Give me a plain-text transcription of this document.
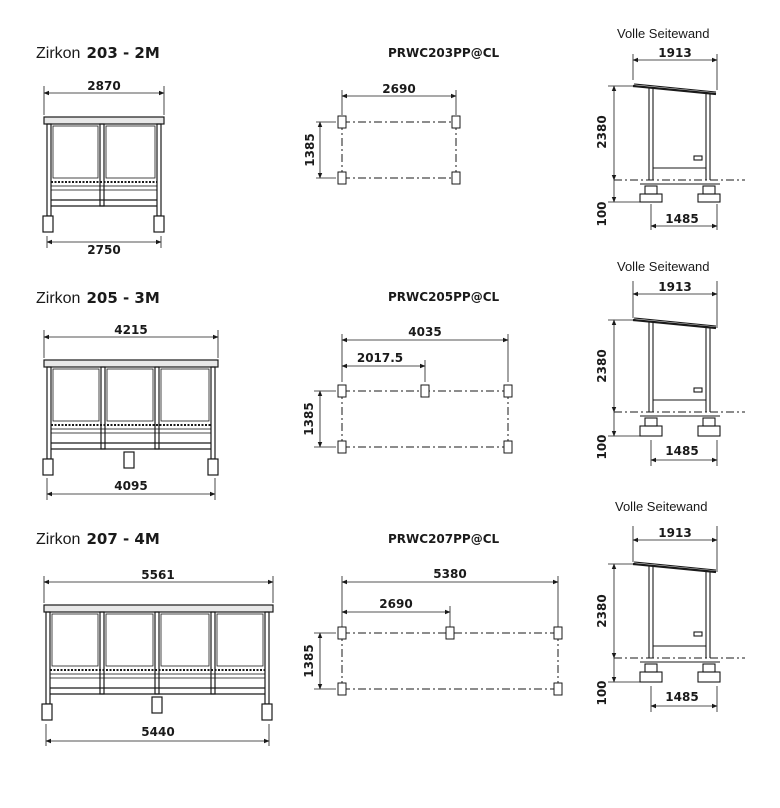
Zirkon 203 - 2M	PRWC203PP@CL
Volle Seitewand
Zirkon 205 - 3M	PRWC205PP@CL
Volle Seitewand
Zirkon 207 - 4M	PRWC207PP@CL
Volle Seitewand
2870
2750
2690
1385
1913
2380
100	1485
4215
4095
4035
2017.5
1385
1913
2380
100	1485
5561
5440
5380
2690
1385
1913
2380
100	1485
